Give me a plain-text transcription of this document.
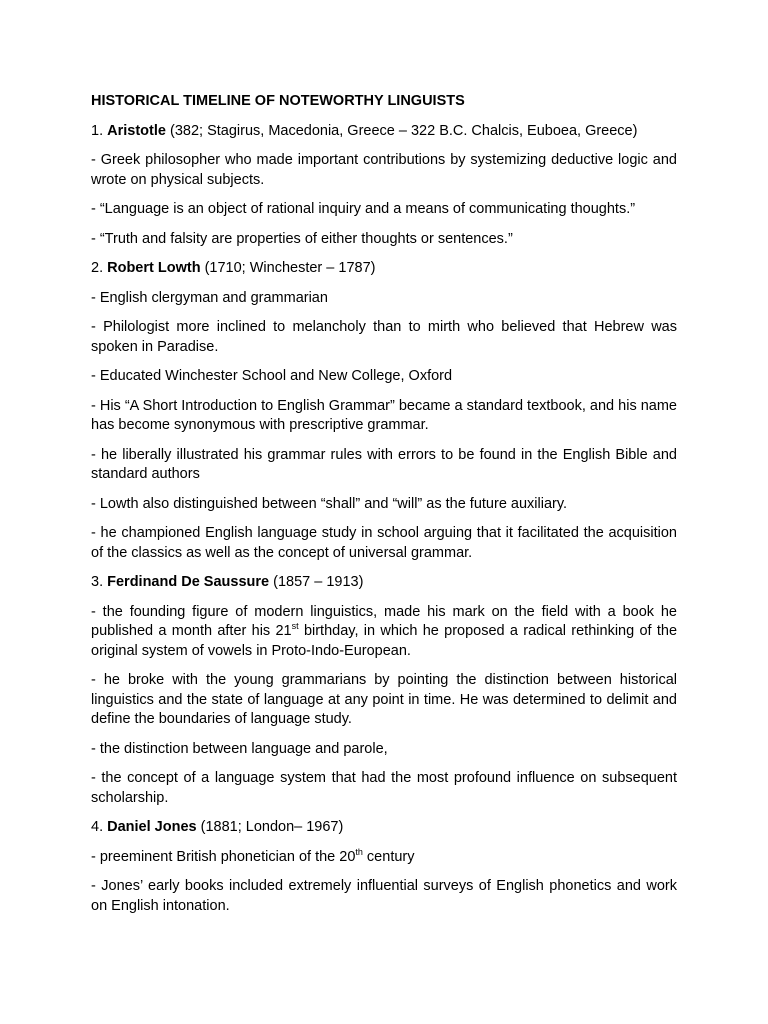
HISTORICAL TIMELINE OF NOTEWORTHY LINGUISTS

1. Aristotle (382; Stagirus, Macedonia, Greece – 322 B.C. Chalcis, Euboea, Greece)

- Greek philosopher who made important contributions by systemizing deductive logic and wrote on physical subjects.

- “Language is an object of rational inquiry and a means of communicating thoughts.”

- “Truth and falsity are properties of either thoughts or sentences.”

2. Robert Lowth (1710; Winchester – 1787)

- English clergyman and grammarian

- Philologist more inclined to melancholy than to mirth who believed that Hebrew was spoken in Paradise.

- Educated Winchester School and New College, Oxford

- His “A Short Introduction to English Grammar” became a standard textbook, and his name has become synonymous with prescriptive grammar.

- he liberally illustrated his grammar rules with errors to be found in the English Bible and standard authors

- Lowth also distinguished between “shall” and “will” as the future auxiliary.

- he championed English language study in school arguing that it facilitated the acquisition of the classics as well as the concept of universal grammar.

3. Ferdinand De Saussure (1857 – 1913)

- the founding figure of modern linguistics, made his mark on the field with a book he published a month after his 21st birthday, in which he proposed a radical rethinking of the original system of vowels in Proto-Indo-European.

- he broke with the young grammarians by pointing the distinction between historical linguistics and the state of language at any point in time. He was determined to delimit and define the boundaries of language study.

- the distinction between language and parole,

- the concept of a language system that had the most profound influence on subsequent scholarship.

4. Daniel Jones (1881; London– 1967)

- preeminent British phonetician of the 20th century

- Jones’ early books included extremely influential surveys of English phonetics and work on English intonation.
